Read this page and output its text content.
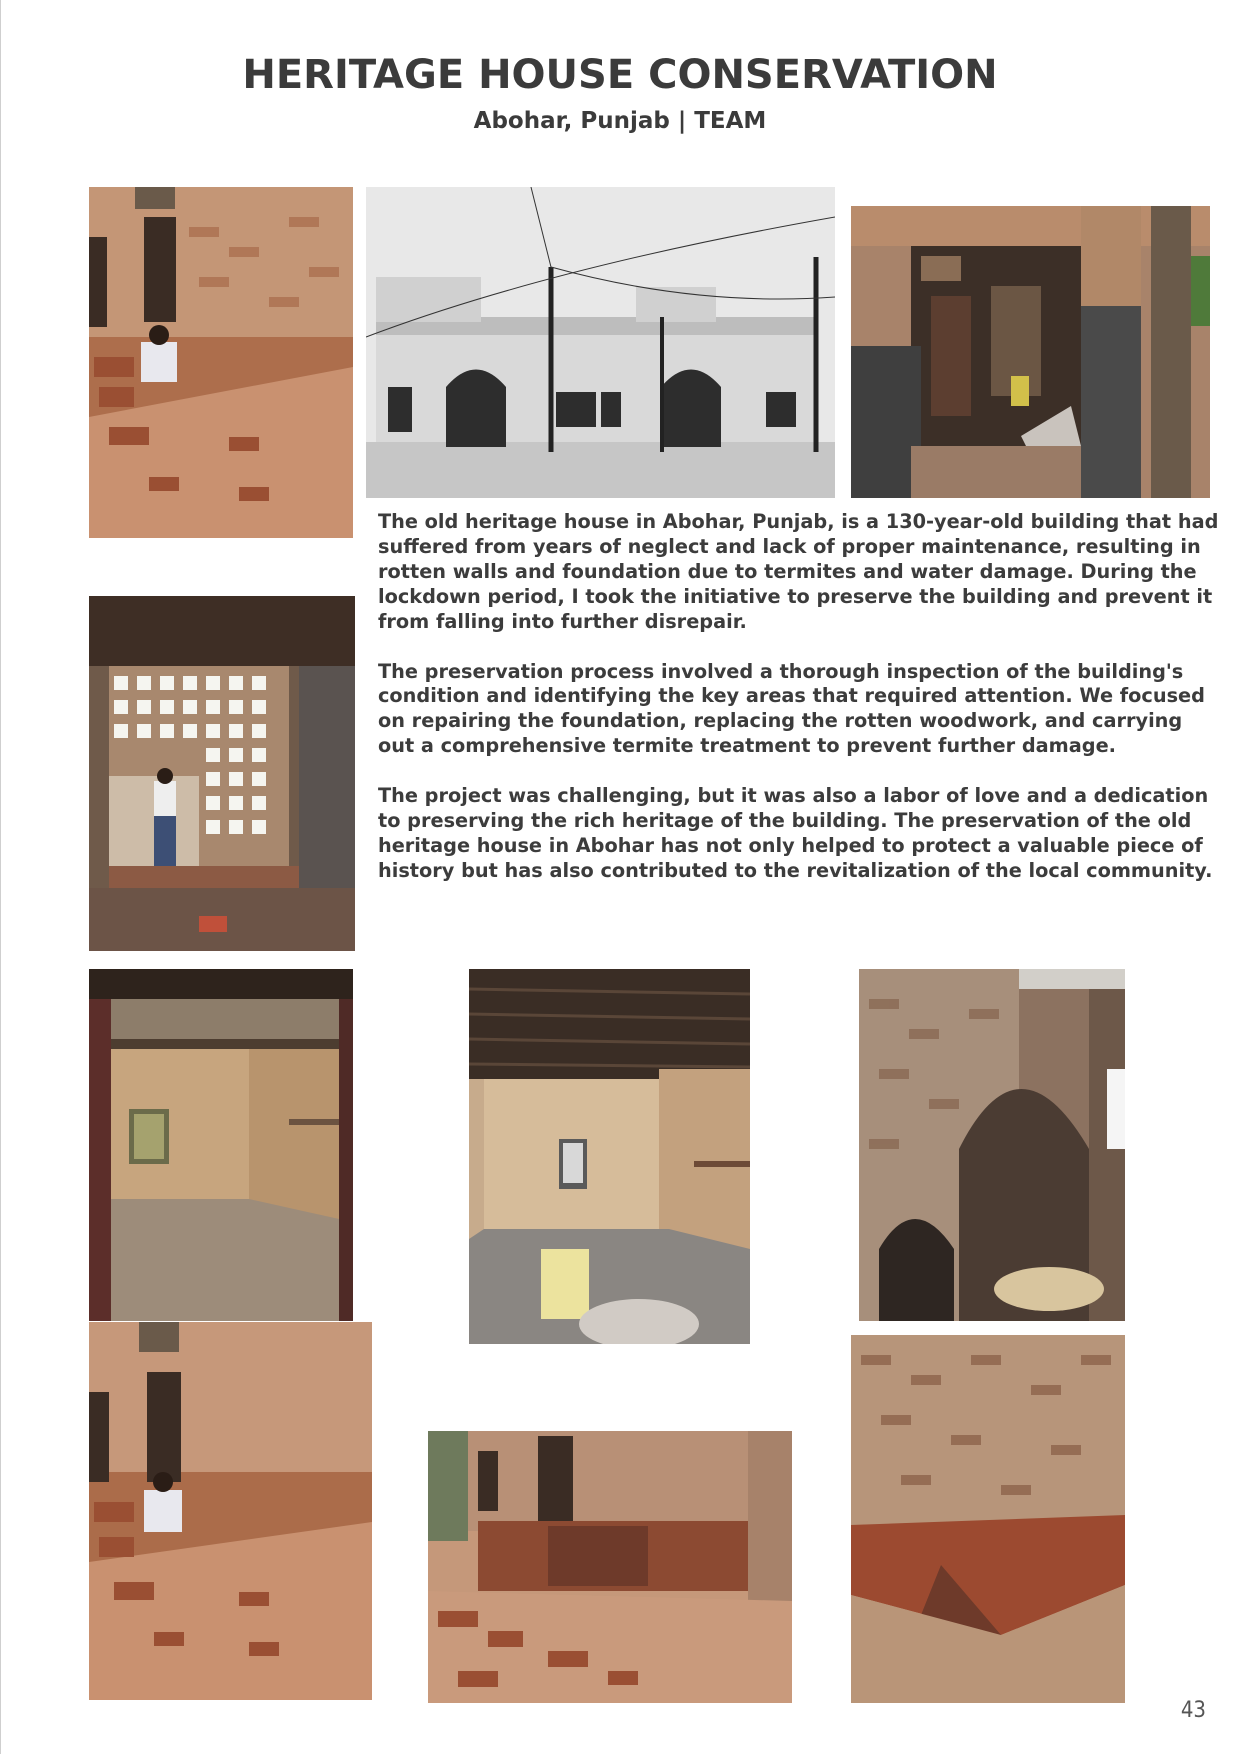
HERITAGE HOUSE CONSERVATION
Abohar, Punjab | TEAM

The old heritage house in Abohar, Punjab, is a 130-year-old building that had suffered from years of neglect and lack of proper maintenance, resulting in rotten walls and foundation due to termites and water damage. During the lockdown period, I took the initiative to preserve the building and prevent it from falling into further disrepair.

The preservation process involved a thorough inspection of the building's condition and identifying the key areas that required attention. We focused on repairing the foundation, replacing the rotten woodwork, and carrying out a comprehensive termite treatment to prevent further damage.

The project was challenging, but it was also a labor of love and a dedication to preserving the rich heritage of the building. The preservation of the old heritage house in Abohar has not only helped to protect a valuable piece of history but has also contributed to the revitalization of the local community.

43
